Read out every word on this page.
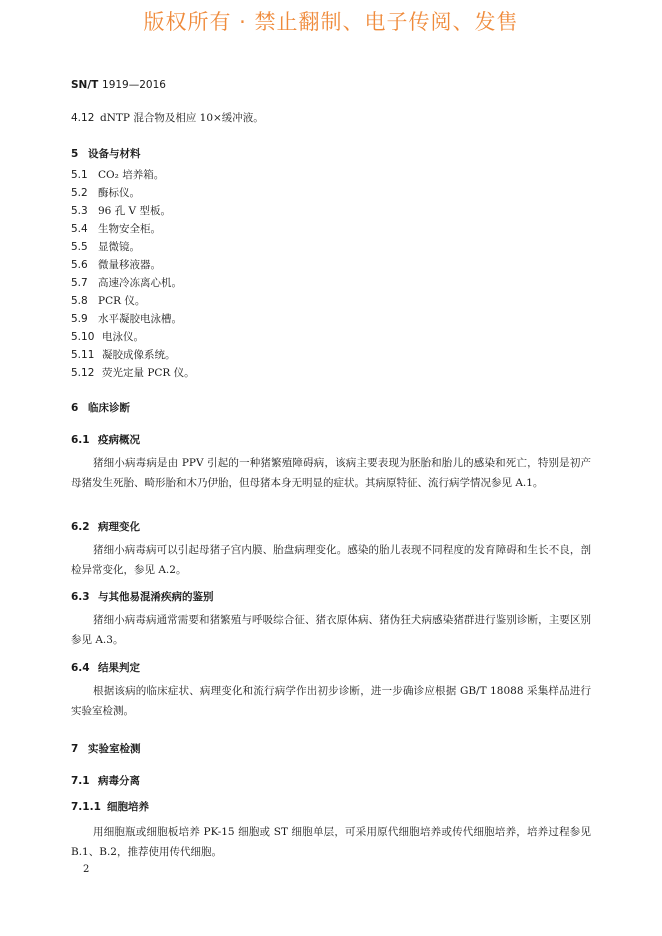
版权所有 · 禁止翻制、电子传阅、发售
SN/T 1919—2016
4.12 dNTP 混合物及相应 10×缓冲液。
5 设备与材料
5.1 CO₂ 培养箱。
5.2 酶标仪。
5.3 96 孔 V 型板。
5.4 生物安全柜。
5.5 显微镜。
5.6 微量移液器。
5.7 高速冷冻离心机。
5.8 PCR 仪。
5.9 水平凝胶电泳槽。
5.10 电泳仪。
5.11 凝胶成像系统。
5.12 荧光定量 PCR 仪。
6 临床诊断
6.1 疫病概况
猪细小病毒病是由 PPV 引起的一种猪繁殖障碍病，该病主要表现为胚胎和胎儿的感染和死亡，特别是初产母猪发生死胎、畸形胎和木乃伊胎，但母猪本身无明显的症状。其病原特征、流行病学情况参见 A.1。
6.2 病理变化
猪细小病毒病可以引起母猪子宫内膜、胎盘病理变化。感染的胎儿表现不同程度的发育障碍和生长不良，剖检异常变化，参见 A.2。
6.3 与其他易混淆疾病的鉴别
猪细小病毒病通常需要和猪繁殖与呼吸综合征、猪衣原体病、猪伪狂犬病感染猪群进行鉴别诊断，主要区别参见 A.3。
6.4 结果判定
根据该病的临床症状、病理变化和流行病学作出初步诊断，进一步确诊应根据 GB/T 18088 采集样品进行实验室检测。
7 实验室检测
7.1 病毒分离
7.1.1 细胞培养
用细胞瓶或细胞板培养 PK-15 细胞或 ST 细胞单层，可采用原代细胞培养或传代细胞培养，培养过程参见 B.1、B.2，推荐使用传代细胞。
2
